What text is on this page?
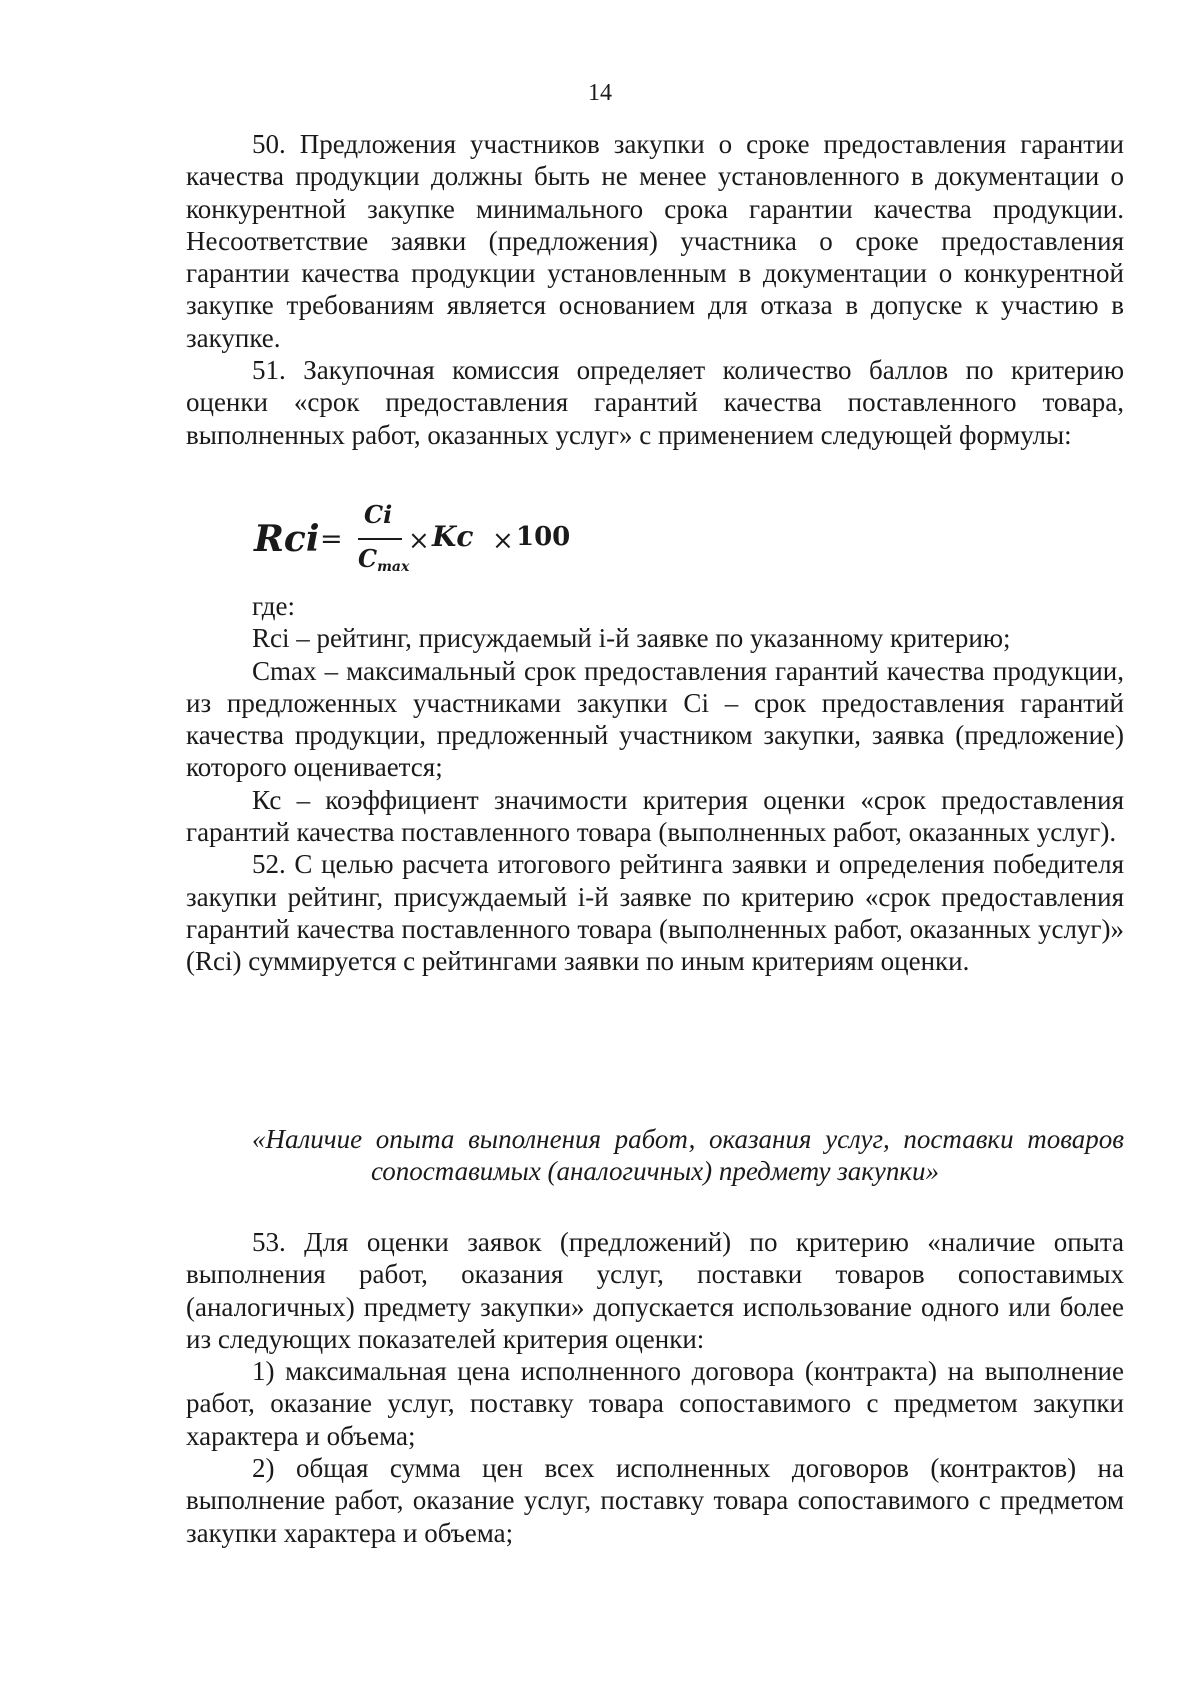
14

50. Предложения участников закупки о сроке предоставления гарантии качества продукции должны быть не менее установленного в документации о конкурентной закупке минимального срока гарантии качества продукции. Несоответствие заявки (предложения) участника о сроке предоставления гарантии качества продукции установленным в документации о конкурентной закупке требованиям является основанием для отказа в допуске к участию в закупке.

51. Закупочная комиссия определяет количество баллов по критерию оценки «срок предоставления гарантий качества поставленного товара, выполненных работ, оказанных услуг» с применением следующей формулы:

Rci =
Ci
$C_{max}$
× Kc × 100

где:

Rci – рейтинг, присуждаемый i-й заявке по указанному критерию;

Cmax – максимальный срок предоставления гарантий качества продукции, из предложенных участниками закупки Ci – срок предоставления гарантий качества продукции, предложенный участником закупки, заявка (предложение) которого оценивается;

Кс – коэффициент значимости критерия оценки «срок предоставления гарантий качества поставленного товара (выполненных работ, оказанных услуг).

52. С целью расчета итогового рейтинга заявки и определения победителя закупки рейтинг, присуждаемый i-й заявке по критерию «срок предоставления гарантий качества поставленного товара (выполненных работ, оказанных услуг)» (Rci) суммируется с рейтингами заявки по иным критериям оценки.

«Наличие опыта выполнения работ, оказания услуг, поставки товаров
сопоставимых (аналогичных) предмету закупки»

53. Для оценки заявок (предложений) по критерию «наличие опыта выполнения работ, оказания услуг, поставки товаров сопоставимых (аналогичных) предмету закупки» допускается использование одного или более из следующих показателей критерия оценки:

1) максимальная цена исполненного договора (контракта) на выполнение работ, оказание услуг, поставку товара сопоставимого с предметом закупки характера и объема;

2) общая сумма цен всех исполненных договоров (контрактов) на выполнение работ, оказание услуг, поставку товара сопоставимого с предметом закупки характера и объема;
